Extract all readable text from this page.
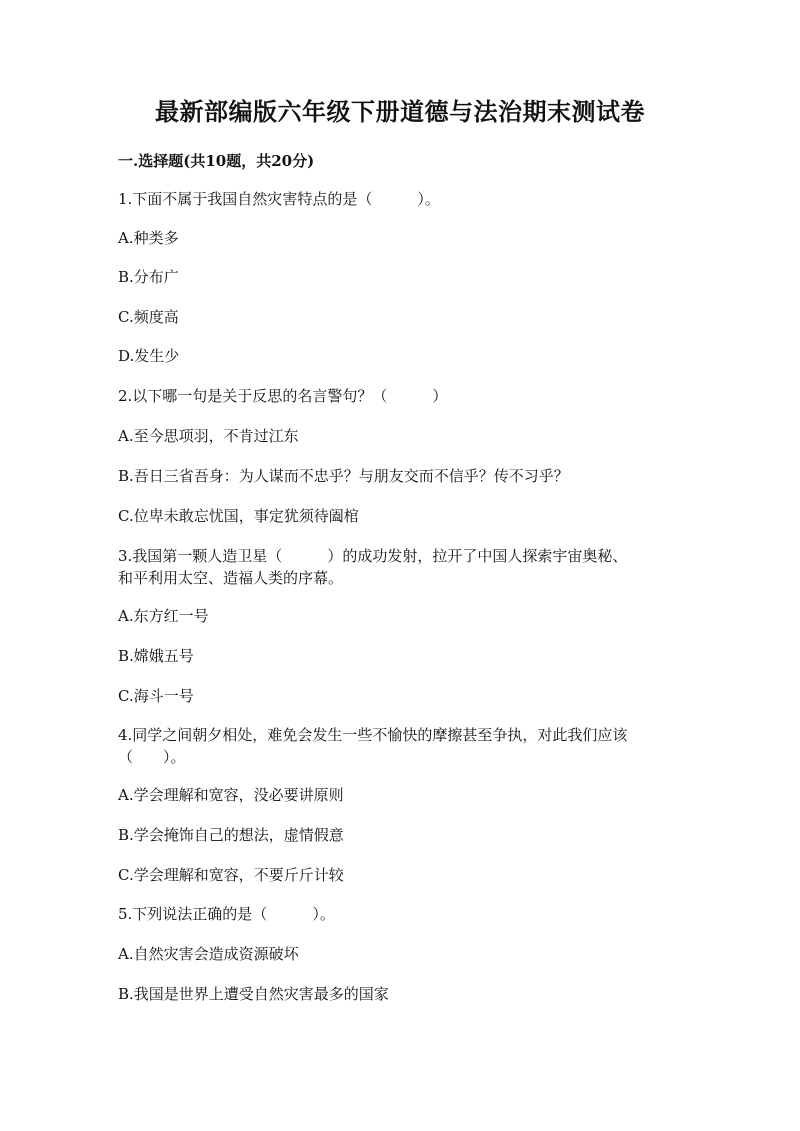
最新部编版六年级下册道德与法治期末测试卷
一.选择题(共10题，共20分)
1.下面不属于我国自然灾害特点的是（　　　）。
A.种类多
B.分布广
C.频度高
D.发生少
2.以下哪一句是关于反思的名言警句？（　　　）
A.至今思项羽，不肯过江东
B.吾日三省吾身：为人谋而不忠乎？与朋友交而不信乎？传不习乎？
C.位卑未敢忘忧国，事定犹须待阖棺
3.我国第一颗人造卫星（　　　）的成功发射，拉开了中国人探索宇宙奥秘、
和平利用太空、造福人类的序幕。
A.东方红一号
B.嫦娥五号
C.海斗一号
4.同学之间朝夕相处，难免会发生一些不愉快的摩擦甚至争执，对此我们应该
（　　）。
A.学会理解和宽容，没必要讲原则
B.学会掩饰自己的想法，虚情假意
C.学会理解和宽容，不要斤斤计较
5.下列说法正确的是（　　　）。
A.自然灾害会造成资源破坏
B.我国是世界上遭受自然灾害最多的国家
